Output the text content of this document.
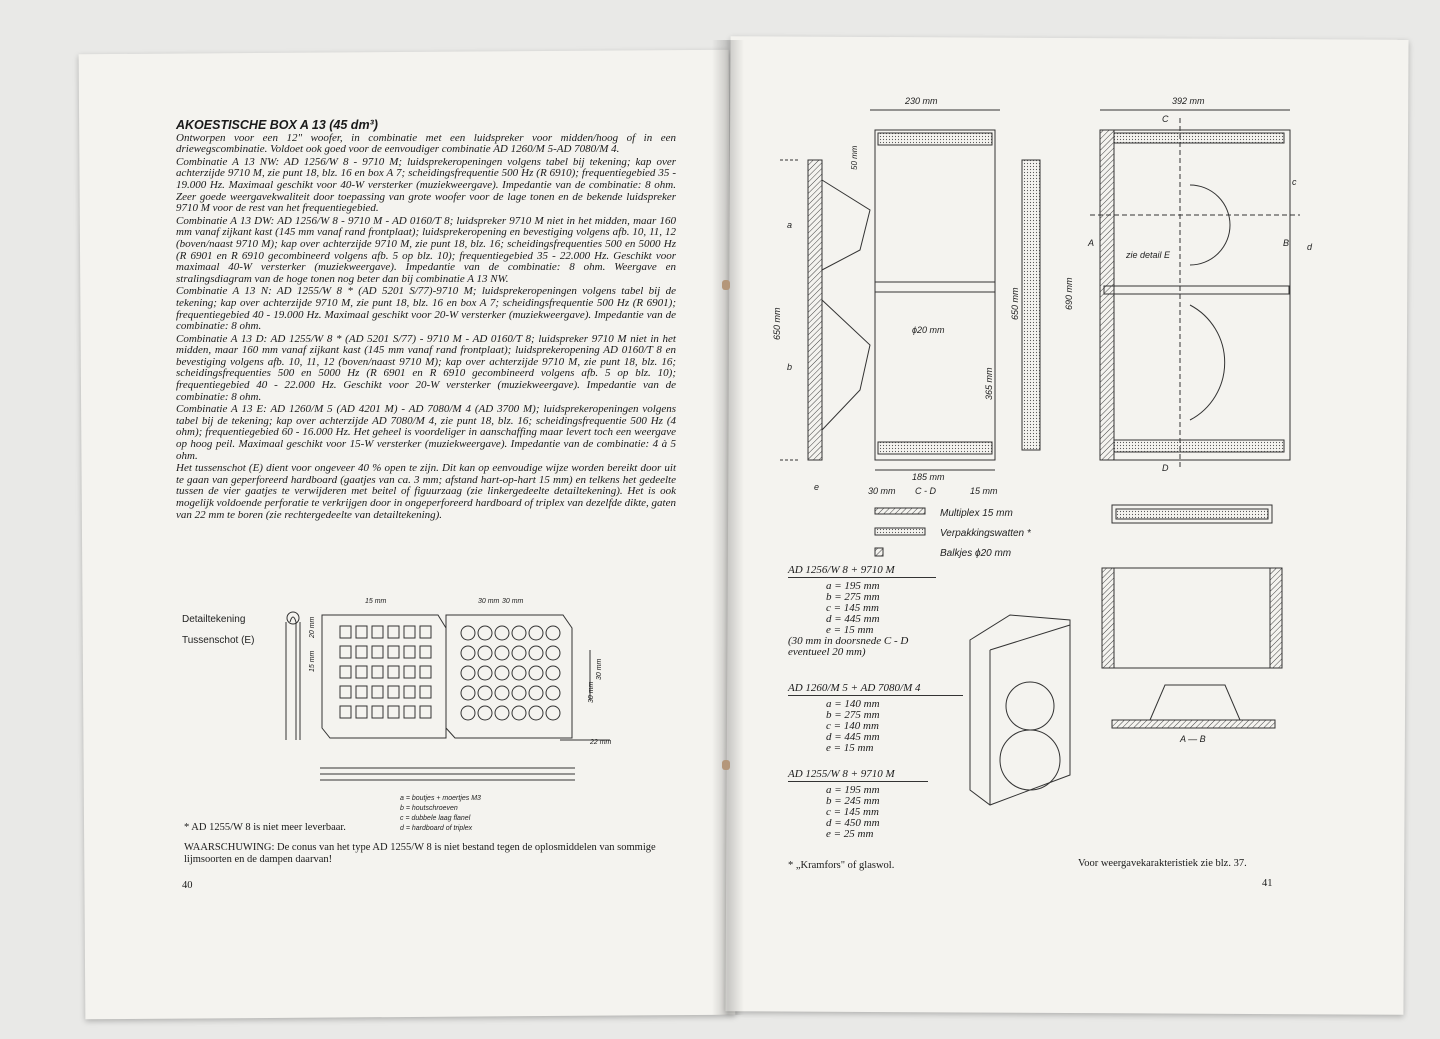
AKOESTISCHE BOX A 13 (45 dm³)

Ontworpen voor een 12" woofer, in combinatie met een luidspreker voor midden/hoog of in een driewegscombinatie. Voldoet ook goed voor de eenvoudiger combinatie AD 1260/M 5-AD 7080/M 4.

Combinatie A 13 NW: AD 1256/W 8 - 9710 M; luidsprekeropeningen volgens tabel bij tekening; kap over achterzijde 9710 M, zie punt 18, blz. 16 en box A 7; scheidingsfrequentie 500 Hz (R 6910); frequentiegebied 35 - 19.000 Hz. Maximaal geschikt voor 40-W versterker (muziekweergave). Impedantie van de combinatie: 8 ohm. Zeer goede weergavekwaliteit door toepassing van grote woofer voor de lage tonen en de bekende luidspreker 9710 M voor de rest van het frequentiegebied.

Combinatie A 13 DW: AD 1256/W 8 - 9710 M - AD 0160/T 8; luidspreker 9710 M niet in het midden, maar 160 mm vanaf zijkant kast (145 mm vanaf rand frontplaat); luidsprekeropening en bevestiging volgens afb. 10, 11, 12 (boven/naast 9710 M); kap over achterzijde 9710 M, zie punt 18, blz. 16; scheidingsfrequenties 500 en 5000 Hz (R 6901 en R 6910 gecombineerd volgens afb. 5 op blz. 10); frequentiegebied 35 - 22.000 Hz. Geschikt voor maximaal 40-W versterker (muziekweergave). Impedantie van de combinatie: 8 ohm. Weergave en stralingsdiagram van de hoge tonen nog beter dan bij combinatie A 13 NW.

Combinatie A 13 N: AD 1255/W 8 * (AD 5201 S/77)-9710 M; luidsprekeropeningen volgens tabel bij de tekening; kap over achterzijde 9710 M, zie punt 18, blz. 16 en box A 7; scheidingsfrequentie 500 Hz (R 6901); frequentiegebied 40 - 19.000 Hz. Maximaal geschikt voor 20-W versterker (muziekweergave). Impedantie van de combinatie: 8 ohm.

Combinatie A 13 D: AD 1255/W 8 * (AD 5201 S/77) - 9710 M - AD 0160/T 8; luidspreker 9710 M niet in het midden, maar 160 mm vanaf zijkant kast (145 mm vanaf rand frontplaat); luidsprekeropening AD 0160/T 8 en bevestiging volgens afb. 10, 11, 12 (boven/naast 9710 M); kap over achterzijde 9710 M, zie punt 18, blz. 16; scheidingsfrequenties 500 en 5000 Hz (R 6901 en R 6910 gecombineerd volgens afb. 5 op blz. 10); frequentiegebied 40 - 22.000 Hz. Geschikt voor 20-W versterker (muziekweergave). Impedantie van de combinatie: 8 ohm.

Combinatie A 13 E: AD 1260/M 5 (AD 4201 M) - AD 7080/M 4 (AD 3700 M); luidsprekeropeningen volgens tabel bij de tekening; kap over achterzijde AD 7080/M 4, zie punt 18, blz. 16; scheidingsfrequentie 500 Hz (4 ohm); frequentiegebied 60 - 16.000 Hz. Het geheel is voordeliger in aanschaffing maar levert toch een weergave op hoog peil. Maximaal geschikt voor 15-W versterker (muziekweergave). Impedantie van de combinatie: 4 à 5 ohm.

Het tussenschot (E) dient voor ongeveer 40 % open te zijn. Dit kan op eenvoudige wijze worden bereikt door uit te gaan van geperforeerd hardboard (gaatjes van ca. 3 mm; afstand hart-op-hart 15 mm) en telkens het gedeelte tussen de vier gaatjes te verwijderen met beitel of figuurzaag (zie linkergedeelte detailtekening). Het is ook mogelijk voldoende perforatie te verkrijgen door in ongeperforeerd hardboard of triplex van dezelfde dikte, gaten van 22 mm te boren (zie rechtergedeelte van detailtekening).

Detailtekening
Tussenschot (E)
15 mm	30 mm 30 mm
20 mm
15 mm	30 mm
30 mm
22 mm
a = boutjes + moertjes M3
b = houtschroeven
c = dubbele laag flanel
d = hardboard of triplex
* AD 1255/W 8 is niet meer leverbaar.
WAARSCHUWING: De conus van het type AD 1255/W 8 is niet bestand tegen de oplosmiddelen van sommige lijmsoorten en de dampen daarvan!
40
230 mm	392 mm
50 mm
650 mm
650 mm	690 mm
365 mm
185 mm
30 mm	15 mm
ɸ20 mm
C - D
A — B
zie detail E
a
b
c
d
e
A	B
C
D
Multiplex 15 mm
Verpakkingswatten *
Balkjes ɸ20 mm
AD 1256/W 8 + 9710 M
a = 195 mm
b = 275 mm
c = 145 mm
d = 445 mm
e = 15 mm
(30 mm in doorsnede C - D
eventueel 20 mm)
AD 1260/M 5 + AD 7080/M 4
a = 140 mm
b = 275 mm
c = 140 mm
d = 445 mm
e = 15 mm
AD 1255/W 8 + 9710 M
a = 195 mm
b = 245 mm
c = 145 mm
d = 450 mm
e = 25 mm
* „Kramfors" of glaswol.	Voor weergavekarakteristiek zie blz. 37.
41
